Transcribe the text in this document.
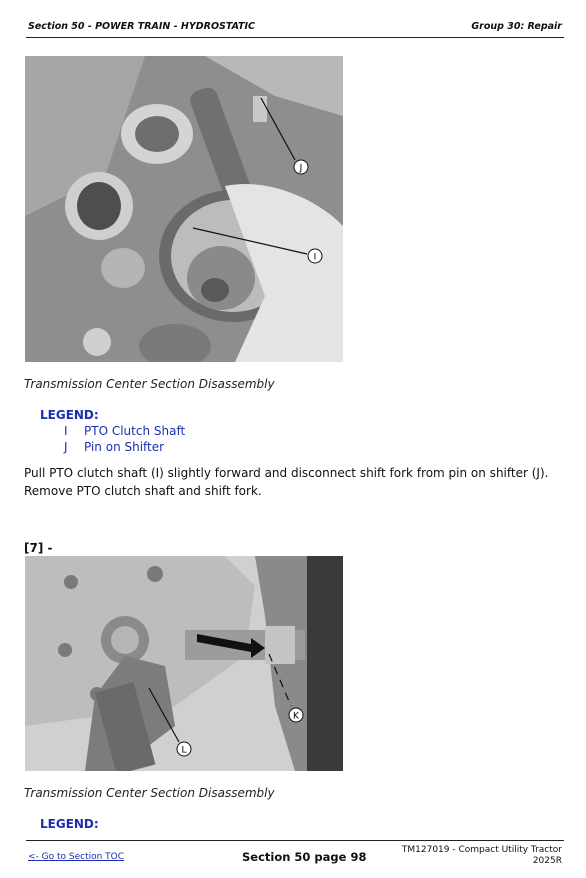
Section 50 - POWER TRAIN - HYDROSTATIC	Group 30: Repair
J
I
Transmission Center Section Disassembly
LEGEND:
I PTO Clutch Shaft
J Pin on Shifter
Pull PTO clutch shaft (I) slightly forward and disconnect shift fork from pin on shifter (J).
Remove PTO clutch shaft and shift fork.
[7] -
K
L
Transmission Center Section Disassembly
LEGEND:
<- Go to Section TOC	Section 50 page 98	TM127019 - Compact Utility Tractor
2025R
